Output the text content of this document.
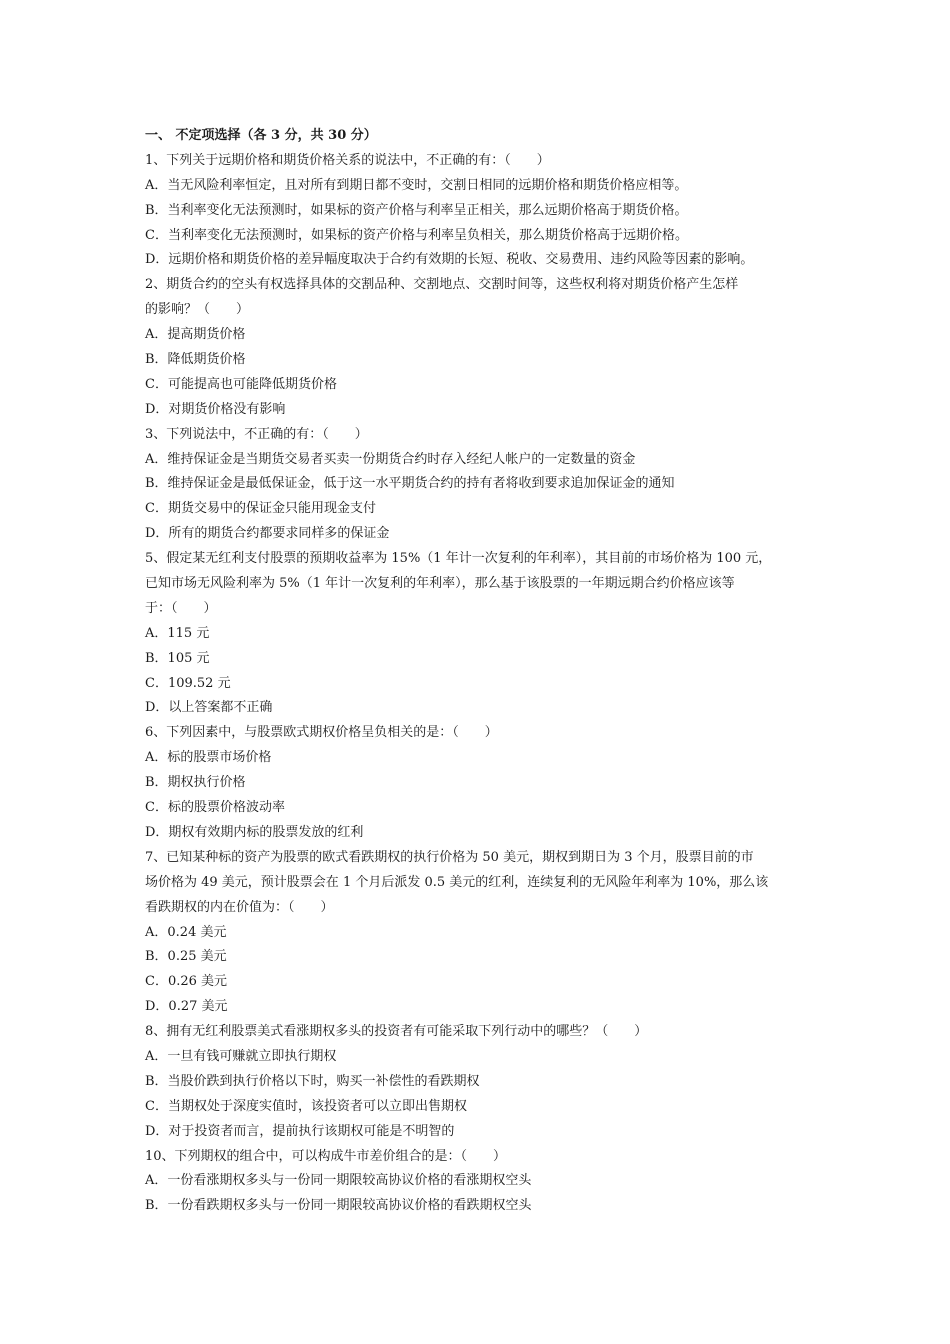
一、 不定项选择（各 3 分，共 30 分）
1、下列关于远期价格和期货价格关系的说法中，不正确的有：（　　）
A．当无风险利率恒定，且对所有到期日都不变时，交割日相同的远期价格和期货价格应相等。
B．当利率变化无法预测时，如果标的资产价格与利率呈正相关，那么远期价格高于期货价格。
C．当利率变化无法预测时，如果标的资产价格与利率呈负相关，那么期货价格高于远期价格。
D．远期价格和期货价格的差异幅度取决于合约有效期的长短、税收、交易费用、违约风险等因素的影响。
2、期货合约的空头有权选择具体的交割品种、交割地点、交割时间等，这些权利将对期货价格产生怎样
的影响？（　　）
A．提高期货价格
B．降低期货价格
C．可能提高也可能降低期货价格
D．对期货价格没有影响
3、下列说法中，不正确的有：（　　）
A．维持保证金是当期货交易者买卖一份期货合约时存入经纪人帐户的一定数量的资金
B．维持保证金是最低保证金，低于这一水平期货合约的持有者将收到要求追加保证金的通知
C．期货交易中的保证金只能用现金支付
D．所有的期货合约都要求同样多的保证金
5、假定某无红利支付股票的预期收益率为 15%（1 年计一次复利的年利率），其目前的市场价格为 100 元，
已知市场无风险利率为 5%（1 年计一次复利的年利率），那么基于该股票的一年期远期合约价格应该等
于：（　　）
A．115 元
B．105 元
C．109.52 元
D．以上答案都不正确
6、下列因素中，与股票欧式期权价格呈负相关的是：（　　）
A．标的股票市场价格
B．期权执行价格
C．标的股票价格波动率
D．期权有效期内标的股票发放的红利
7、已知某种标的资产为股票的欧式看跌期权的执行价格为 50 美元，期权到期日为 3 个月，股票目前的市
场价格为 49 美元，预计股票会在 1 个月后派发 0.5 美元的红利，连续复利的无风险年利率为 10%，那么该
看跌期权的内在价值为：（　　）
A．0.24 美元
B．0.25 美元
C．0.26 美元
D．0.27 美元
8、拥有无红利股票美式看涨期权多头的投资者有可能采取下列行动中的哪些？（　　）
A．一旦有钱可赚就立即执行期权
B．当股价跌到执行价格以下时，购买一补偿性的看跌期权
C．当期权处于深度实值时，该投资者可以立即出售期权
D．对于投资者而言，提前执行该期权可能是不明智的
10、下列期权的组合中，可以构成牛市差价组合的是：（　　）
A．一份看涨期权多头与一份同一期限较高协议价格的看涨期权空头
B．一份看跌期权多头与一份同一期限较高协议价格的看跌期权空头
